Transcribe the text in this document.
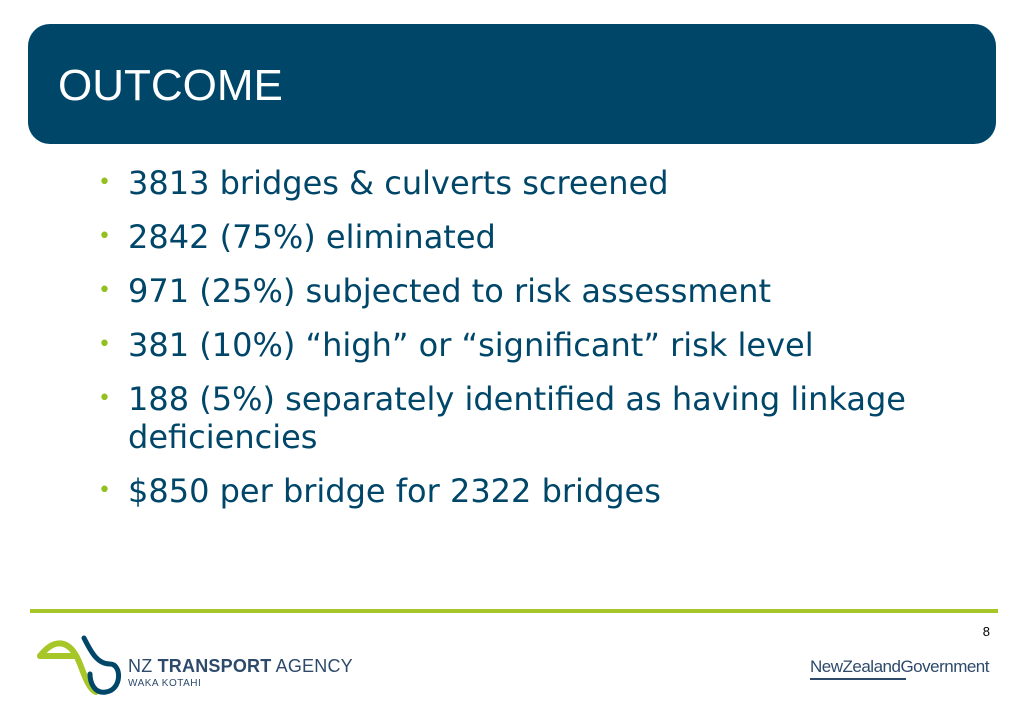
OUTCOME
• 3813 bridges & culverts screened
• 2842 (75%) eliminated
• 971 (25%) subjected to risk assessment
• 381 (10%) “high” or “significant” risk level
• 188 (5%) separately identified as having linkage deficiencies
• $850 per bridge for 2322 bridges
8
NZ TRANSPORT AGENCY
WAKA KOTAHI
NewZealandGovernment
